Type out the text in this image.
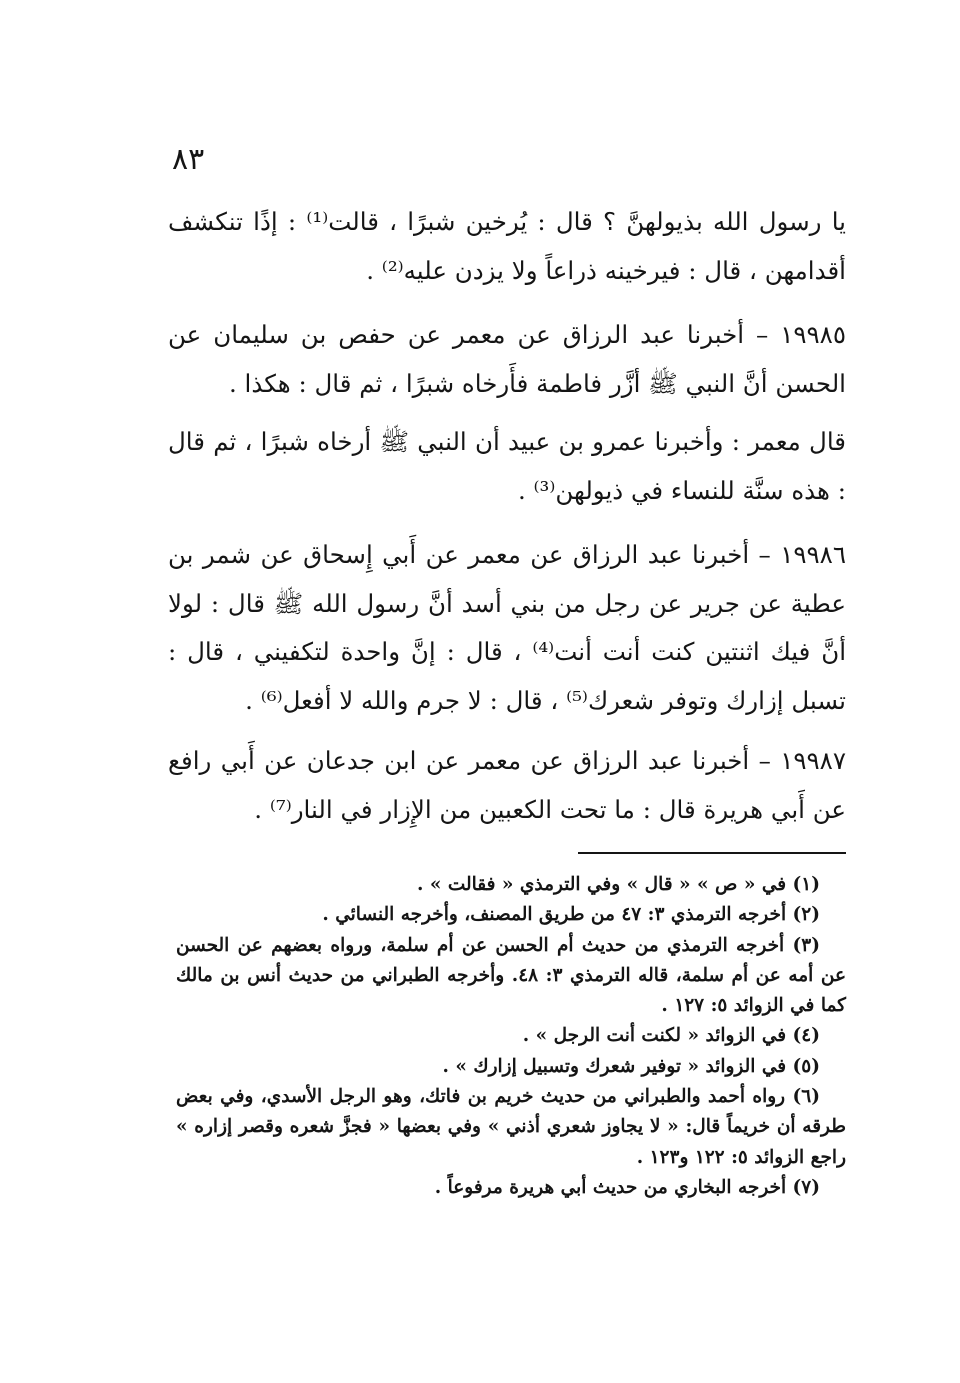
٨٣

يا رسول الله بذيولهنَّ ؟ قال : يُرخين شبرًا ، قالت⁽¹⁾ : إذًا تنكشف أقدامهن ، قال : فيرخينه ذراعاً ولا يزدن عليه⁽²⁾ .

١٩٩٨٥ – أخبرنا عبد الرزاق عن معمر عن حفص بن سليمان عن الحسن أنَّ النبي ﷺ أزَّر فاطمة فأَرخاه شبرًا ، ثم قال : هكذا .

قال معمر : وأخبرنا عمرو بن عبيد أن النبي ﷺ أرخاه شبرًا ، ثم قال : هذه سنَّة للنساء في ذيولهن⁽³⁾ .

١٩٩٨٦ – أخبرنا عبد الرزاق عن معمر عن أَبي إِسحاق عن شمر بن عطية عن جرير عن رجل من بني أسد أنَّ رسول الله ﷺ قال : لولا أنَّ فيك اثنتين كنت أنت أنت⁽⁴⁾ ، قال : إنَّ واحدة لتكفيني ، قال : تسبل إزارك وتوفر شعرك⁽⁵⁾ ، قال : لا جرم والله لا أفعل⁽⁶⁾ .

١٩٩٨٧ – أخبرنا عبد الرزاق عن معمر عن ابن جدعان عن أَبي رافع عن أَبي هريرة قال : ما تحت الكعبين من الإِزار في النار⁽⁷⁾ .

(١) في « ص » « قال » وفي الترمذي « فقالت » .

(٢) أخرجه الترمذي ٣: ٤٧ من طريق المصنف، وأخرجه النسائي .

(٣) أخرجه الترمذي من حديث أم الحسن عن أم سلمة، ورواه بعضهم عن الحسن عن أمه عن أم سلمة، قاله الترمذي ٣: ٤٨. وأخرجه الطبراني من حديث أنس بن مالك كما في الزوائد ٥: ١٢٧ .

(٤) في الزوائد « لكنت أنت الرجل » .

(٥) في الزوائد « توفير شعرك وتسبيل إزارك » .

(٦) رواه أحمد والطبراني من حديث خريم بن فاتك، وهو الرجل الأسدي، وفي بعض طرقه أن خريماً قال: « لا يجاوز شعري أذني » وفي بعضها « فجزَّ شعره وقصر إزاره » راجع الزوائد ٥: ١٢٢ و١٢٣ .

(٧) أخرجه البخاري من حديث أبي هريرة مرفوعاً .
